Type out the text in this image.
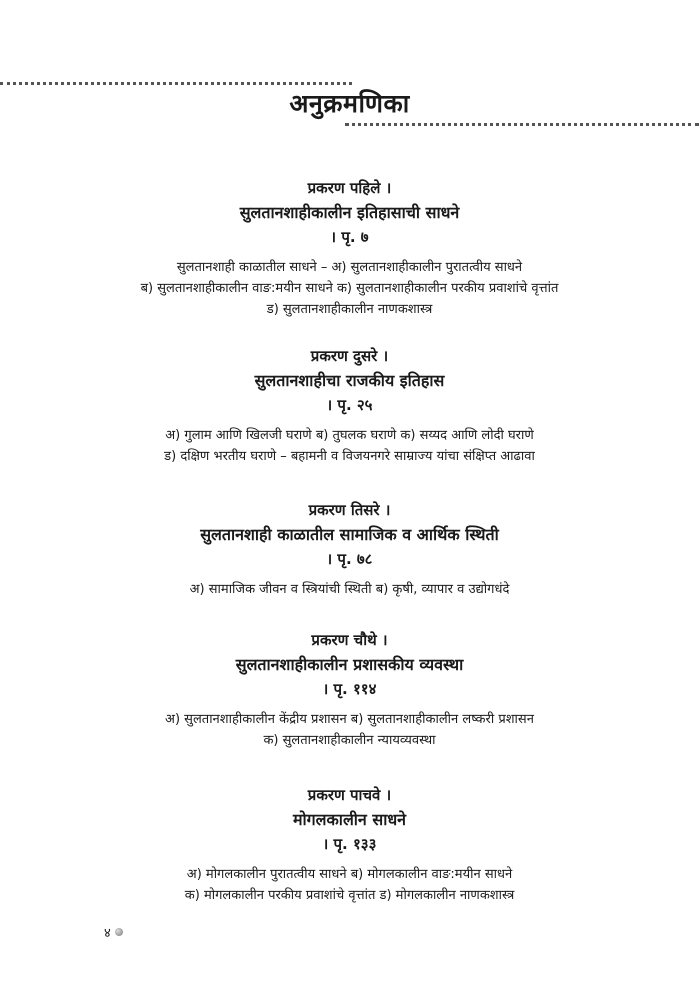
अनुक्रमणिका

प्रकरण पहिले ।

सुलतानशाहीकालीन इतिहासाची साधने

। पृ. ७

सुलतानशाही काळातील साधने – अ) सुलतानशाहीकालीन पुरातत्वीय साधने
ब) सुलतानशाहीकालीन वाङ:मयीन साधने क) सुलतानशाहीकालीन परकीय प्रवाशांचे वृत्तांत
ड) सुलतानशाहीकालीन नाणकशास्त्र

प्रकरण दुसरे ।

सुलतानशाहीचा राजकीय इतिहास

। पृ. २५

अ) गुलाम आणि खिलजी घराणे ब) तुघलक घराणे क) सय्यद आणि लोदी घराणे
ड) दक्षिण भरतीय घराणे – बहामनी व विजयनगरे साम्राज्य यांचा संक्षिप्त आढावा

प्रकरण तिसरे ।

सुलतानशाही काळातील सामाजिक व आर्थिक स्थिती

। पृ. ७८

अ) सामाजिक जीवन व स्त्रियांची स्थिती ब) कृषी, व्यापार व उद्योगधंदे

प्रकरण चौथे ।

सुलतानशाहीकालीन प्रशासकीय व्यवस्था

। पृ. ११४

अ) सुलतानशाहीकालीन केंद्रीय प्रशासन ब) सुलतानशाहीकालीन लष्करी प्रशासन
क) सुलतानशाहीकालीन न्यायव्यवस्था

प्रकरण पाचवे ।

मोगलकालीन साधने

। पृ. १३३

अ) मोगलकालीन पुरातत्वीय साधने ब) मोगलकालीन वाङ:मयीन साधने
क) मोगलकालीन परकीय प्रवाशांचे वृत्तांत ड) मोगलकालीन नाणकशास्त्र

४
